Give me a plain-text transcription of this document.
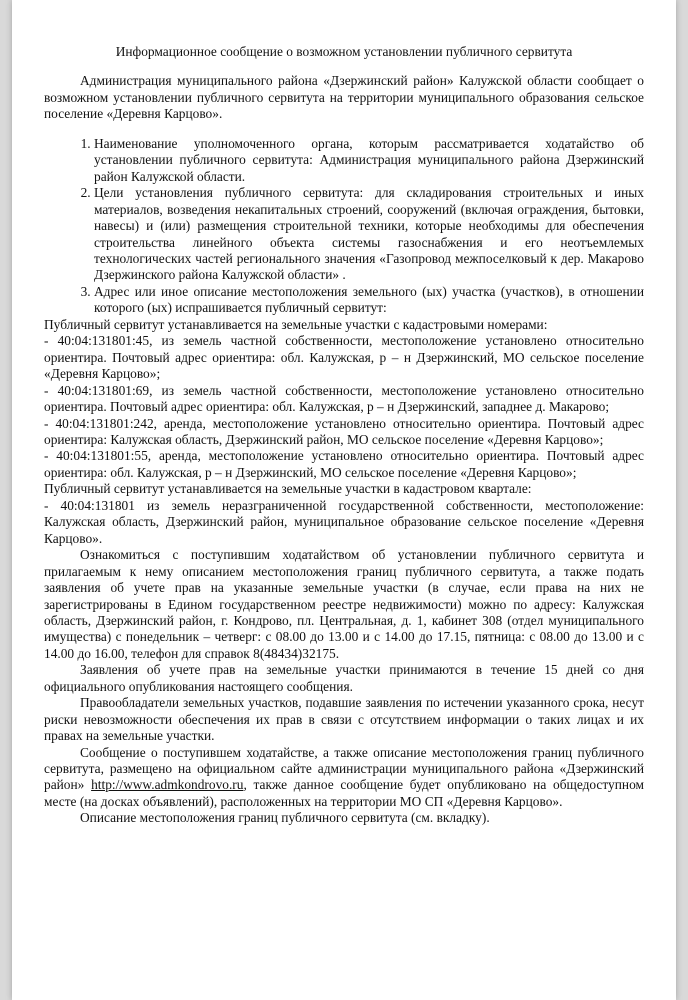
Информационное сообщение о возможном установлении публичного сервитута

Администрация муниципального района «Дзержинский район» Калужской области сообщает о возможном установлении публичного сервитута на территории муниципального образования сельское поселение «Деревня Карцово».

1. Наименование уполномоченного органа, которым рассматривается ходатайство об установлении публичного сервитута: Администрация муниципального района Дзержинский район Калужской области.
2. Цели установления публичного сервитута: для складирования строительных и иных материалов, возведения некапитальных строений, сооружений (включая ограждения, бытовки, навесы) и (или) размещения строительной техники, которые необходимы для обеспечения строительства линейного объекта системы газоснабжения и его неотъемлемых технологических частей регионального значения «Газопровод межпоселковый к дер. Макарово Дзержинского района Калужской области» .
3. Адрес или иное описание местоположения земельного (ых) участка (участков), в отношении которого (ых) испрашивается публичный сервитут:

Публичный сервитут устанавливается на земельные участки с кадастровыми номерами:

- 40:04:131801:45, из земель частной собственности, местоположение установлено относительно ориентира. Почтовый адрес ориентира: обл. Калужская, р – н Дзержинский, МО сельское поселение «Деревня Карцово»;

- 40:04:131801:69, из земель частной собственности, местоположение установлено относительно ориентира. Почтовый адрес ориентира: обл. Калужская, р – н Дзержинский, западнее д. Макарово;

- 40:04:131801:242, аренда, местоположение установлено относительно ориентира. Почтовый адрес ориентира: Калужская область, Дзержинский район, МО сельское поселение «Деревня Карцово»;

- 40:04:131801:55, аренда, местоположение установлено относительно ориентира. Почтовый адрес ориентира: обл. Калужская, р – н Дзержинский, МО сельское поселение «Деревня Карцово»;

Публичный сервитут устанавливается на земельные участки в кадастровом квартале:

- 40:04:131801 из земель неразграниченной государственной собственности, местоположение: Калужская область, Дзержинский район, муниципальное образование сельское поселение «Деревня Карцово».

Ознакомиться с поступившим ходатайством об установлении публичного сервитута и прилагаемым к нему описанием местоположения границ публичного сервитута, а также подать заявления об учете прав на указанные земельные участки (в случае, если права на них не зарегистрированы в Едином государственном реестре недвижимости) можно по адресу: Калужская область, Дзержинский район, г. Кондрово, пл. Центральная, д. 1, кабинет 308 (отдел муниципального имущества) с понедельник – четверг: с 08.00 до 13.00 и с 14.00 до 17.15, пятница: с 08.00 до 13.00 и с 14.00 до 16.00, телефон для справок 8(48434)32175.

Заявления об учете прав на земельные участки принимаются в течение 15 дней со дня официального опубликования настоящего сообщения.

Правообладатели земельных участков, подавшие заявления по истечении указанного срока, несут риски невозможности обеспечения их прав в связи с отсутствием информации о таких лицах и их правах на земельные участки.

Сообщение о поступившем ходатайстве, а также описание местоположения границ публичного сервитута, размещено на официальном сайте администрации муниципального района «Дзержинский район» http://www.admkondrovo.ru, также данное сообщение будет опубликовано на общедоступном месте (на досках объявлений), расположенных на территории МО СП «Деревня Карцово».

Описание местоположения границ публичного сервитута (см. вкладку).
